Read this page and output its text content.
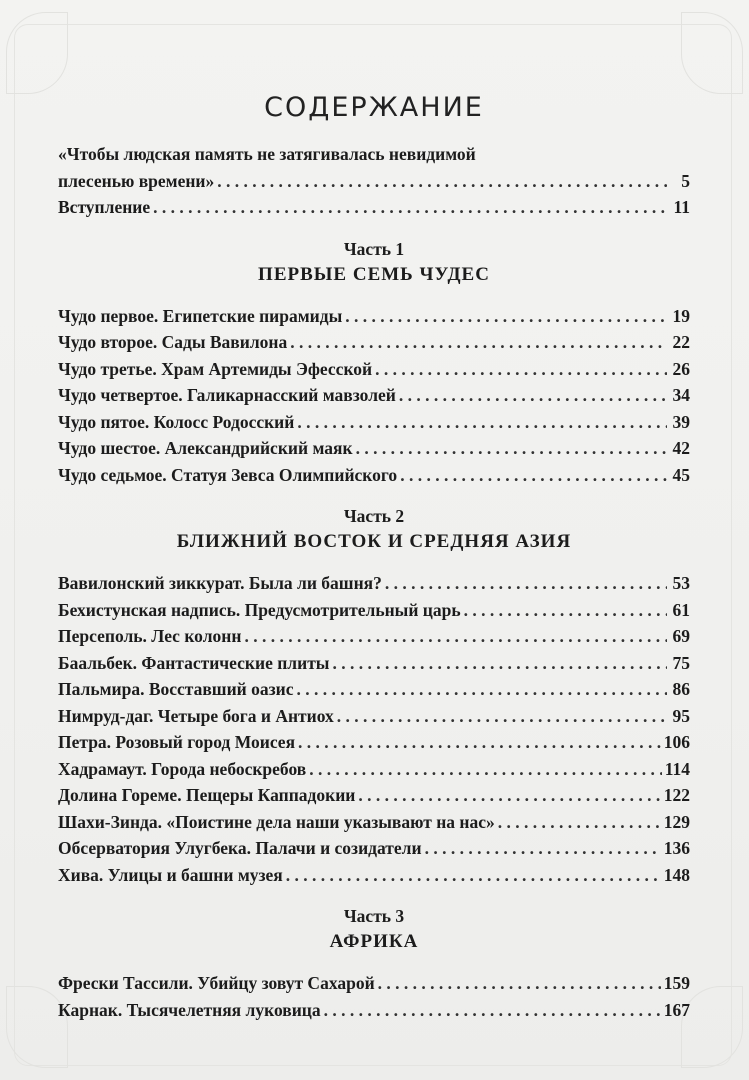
СОДЕРЖАНИЕ
«Чтобы людская память не затягивалась невидимой
плесенью времени» . . .	5
Вступление . . .	11
Часть 1
ПЕРВЫЕ СЕМЬ ЧУДЕС
Чудо первое. Египетские пирамиды . . .	19
Чудо второе. Сады Вавилона . . .	22
Чудо третье. Храм Артемиды Эфесской . . .	26
Чудо четвертое. Галикарнасский мавзолей . . .	34
Чудо пятое. Колосс Родосский . . .	39
Чудо шестое. Александрийский маяк . . .	42
Чудо седьмое. Статуя Зевса Олимпийского . . .	45
Часть 2
БЛИЖНИЙ ВОСТОК И СРЕДНЯЯ АЗИЯ
Вавилонский зиккурат. Была ли башня? . . .	53
Бехистунская надпись. Предусмотрительный царь . . .	61
Персеполь. Лес колонн . . .	69
Баальбек. Фантастические плиты . . .	75
Пальмира. Восставший оазис . . .	86
Нимруд-даг. Четыре бога и Антиох . . .	95
Петра. Розовый город Моисея . . .	106
Хадрамаут. Города небоскребов . . .	114
Долина Гореме. Пещеры Каппадокии . . .	122
Шахи-Зинда. «Поистине дела наши указывают на нас» . . .	129
Обсерватория Улугбека. Палачи и созидатели . . .	136
Хива. Улицы и башни музея . . .	148
Часть 3
АФРИКА
Фрески Тассили. Убийцу зовут Сахарой . . .	159
Карнак. Тысячелетняя луковица . . .	167
